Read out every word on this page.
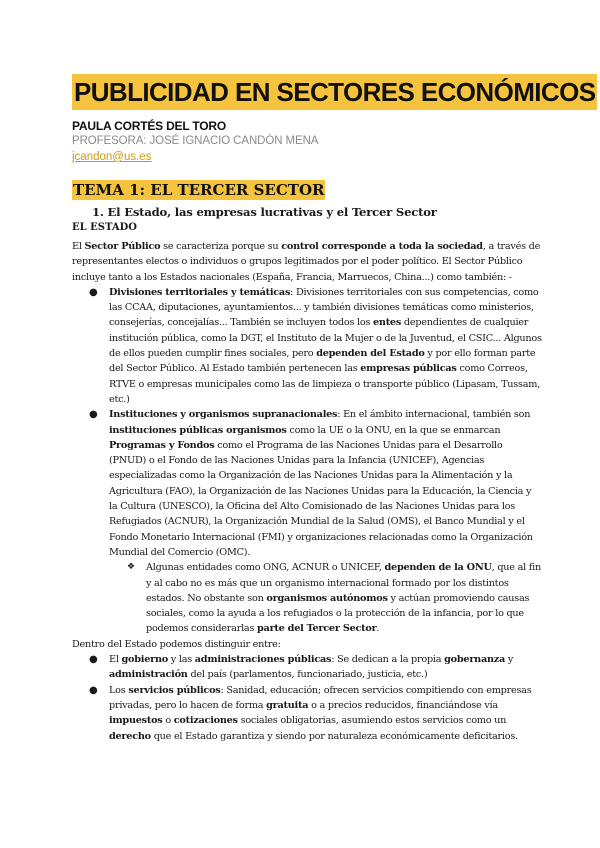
PUBLICIDAD EN SECTORES ECONÓMICOS
PAULA CORTÉS DEL TORO
PROFESORA: JOSÉ IGNACIO CANDÓN MENA
jcandon@us.es
TEMA 1: EL TERCER SECTOR
1. El Estado, las empresas lucrativas y el Tercer Sector
EL ESTADO

El Sector Público se caracteriza porque su control corresponde a toda la sociedad, a través de representantes electos o individuos o grupos legitimados por el poder político. El Sector Público incluye tanto a los Estados nacionales (España, Francia, Marruecos, China...) como también: -

● Divisiones territoriales y temáticas: Divisiones territoriales con sus competencias, como las CCAA, diputaciones, ayuntamientos... y también divisiones temáticas como ministerios, consejerías, concejalías... También se incluyen todos los entes dependientes de cualquier institución pública, como la DGT, el Instituto de la Mujer o de la Juventud, el CSIC... Algunos de ellos pueden cumplir fines sociales, pero dependen del Estado y por ello forman parte del Sector Público. Al Estado también pertenecen las empresas públicas como Correos, RTVE o empresas municipales como las de limpieza o transporte público (Lipasam, Tussam, etc.)
● Instituciones y organismos supranacionales: En el ámbito internacional, también son instituciones públicas organismos como la UE o la ONU, en la que se enmarcan Programas y Fondos como el Programa de las Naciones Unidas para el Desarrollo (PNUD) o el Fondo de las Naciones Unidas para la Infancia (UNICEF), Agencias especializadas como la Organización de las Naciones Unidas para la Alimentación y la Agricultura (FAO), la Organización de las Naciones Unidas para la Educación, la Ciencia y la Cultura (UNESCO), la Oficina del Alto Comisionado de las Naciones Unidas para los Refugiados (ACNUR), la Organización Mundial de la Salud (OMS), el Banco Mundial y el Fondo Monetario Internacional (FMI) y organizaciones relacionadas como la Organización Mundial del Comercio (OMC).
❖ Algunas entidades como ONG, ACNUR o UNICEF, dependen de la ONU, que al fin y al cabo no es más que un organismo internacional formado por los distintos estados. No obstante son organismos autónomos y actúan promoviendo causas sociales, como la ayuda a los refugiados o la protección de la infancia, por lo que podemos considerarlas parte del Tercer Sector.

Dentro del Estado podemos distinguir entre:

● El gobierno y las administraciones públicas: Se dedican a la propia gobernanza y administración del país (parlamentos, funcionariado, justicia, etc.)
● Los servicios públicos: Sanidad, educación; ofrecen servicios compitiendo con empresas privadas, pero lo hacen de forma gratuita o a precios reducidos, financiándose vía impuestos o cotizaciones sociales obligatorias, asumiendo estos servicios como un derecho que el Estado garantiza y siendo por naturaleza económicamente deficitarios.
